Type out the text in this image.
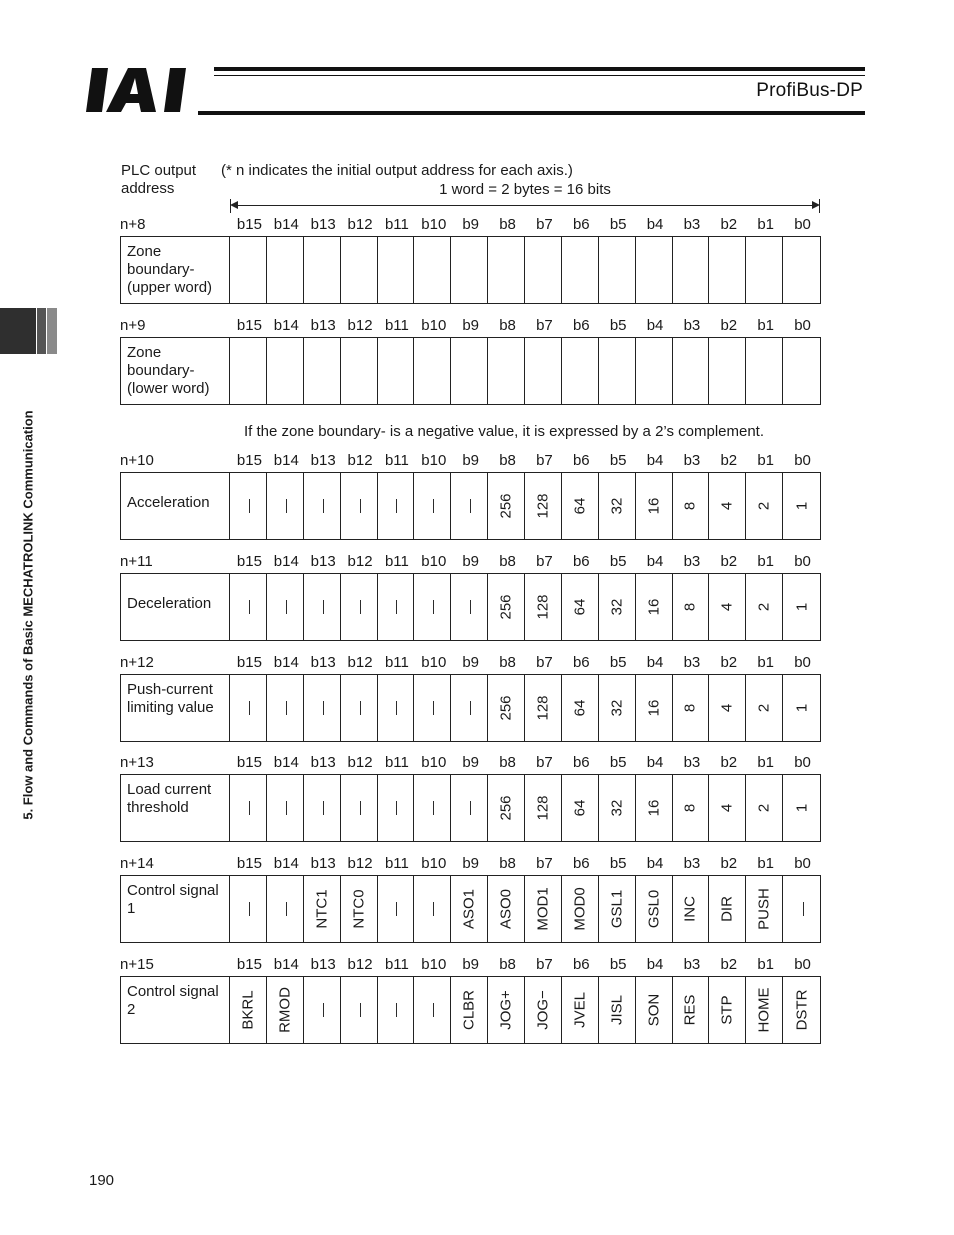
ProfiBus-DP
5. Flow and Commands of Basic MECHATROLINK Communication
PLC output address
(* n indicates the initial output address for each axis.)
1 word = 2 bytes = 16 bits
If the zone boundary- is a negative value, it is expressed by a 2’s complement.
n+8	b15 b14 b13 b12 b11 b10	b9	b8	b7	b6	b5	b4	b3	b2	b1	b0
Zone boundary- (upper word)
n+9	b15 b14 b13 b12 b11 b10	b9	b8	b7	b6	b5	b4	b3	b2	b1	b0
Zone boundary- (lower word)
n+10	b15 b14 b13 b12 b11 b10	b9	b8	b7	b6	b5	b4	b3	b2	b1	b0
Acceleration — — — — — — — 256 128 64 32 16 8 4 2 1
n+11	b15 b14 b13 b12 b11 b10	b9	b8	b7	b6	b5	b4	b3	b2	b1	b0
Deceleration — — — — — — — 256 128 64 32 16 8 4 2 1
n+12	b15 b14 b13 b12 b11 b10	b9	b8	b7	b6	b5	b4	b3	b2	b1	b0
Push-current limiting value	— — — — — — — 256 128 64 32 16 8 4 2 1
n+13	b15 b14 b13 b12 b11 b10	b9	b8	b7	b6	b5	b4	b3	b2	b1	b0
Load current threshold	— — — — — — — 256 128 64 32 16 8 4 2 1
n+14	b15 b14 b13 b12 b11 b10	b9	b8	b7	b6	b5	b4	b3	b2	b1	b0
Control signal 1	— — NTC1 NTC0 — — ASO1 ASO0 MOD1 MOD0 GSL1 GSL0 INC DIR PUSH —
n+15	b15 b14 b13 b12 b11 b10	b9	b8	b7	b6	b5	b4	b3	b2	b1	b0
Control signal 2	BKRL RMOD — — — — CLBR JOG+ JOG− JVEL JISL SON RES STP HOME DSTR
190
